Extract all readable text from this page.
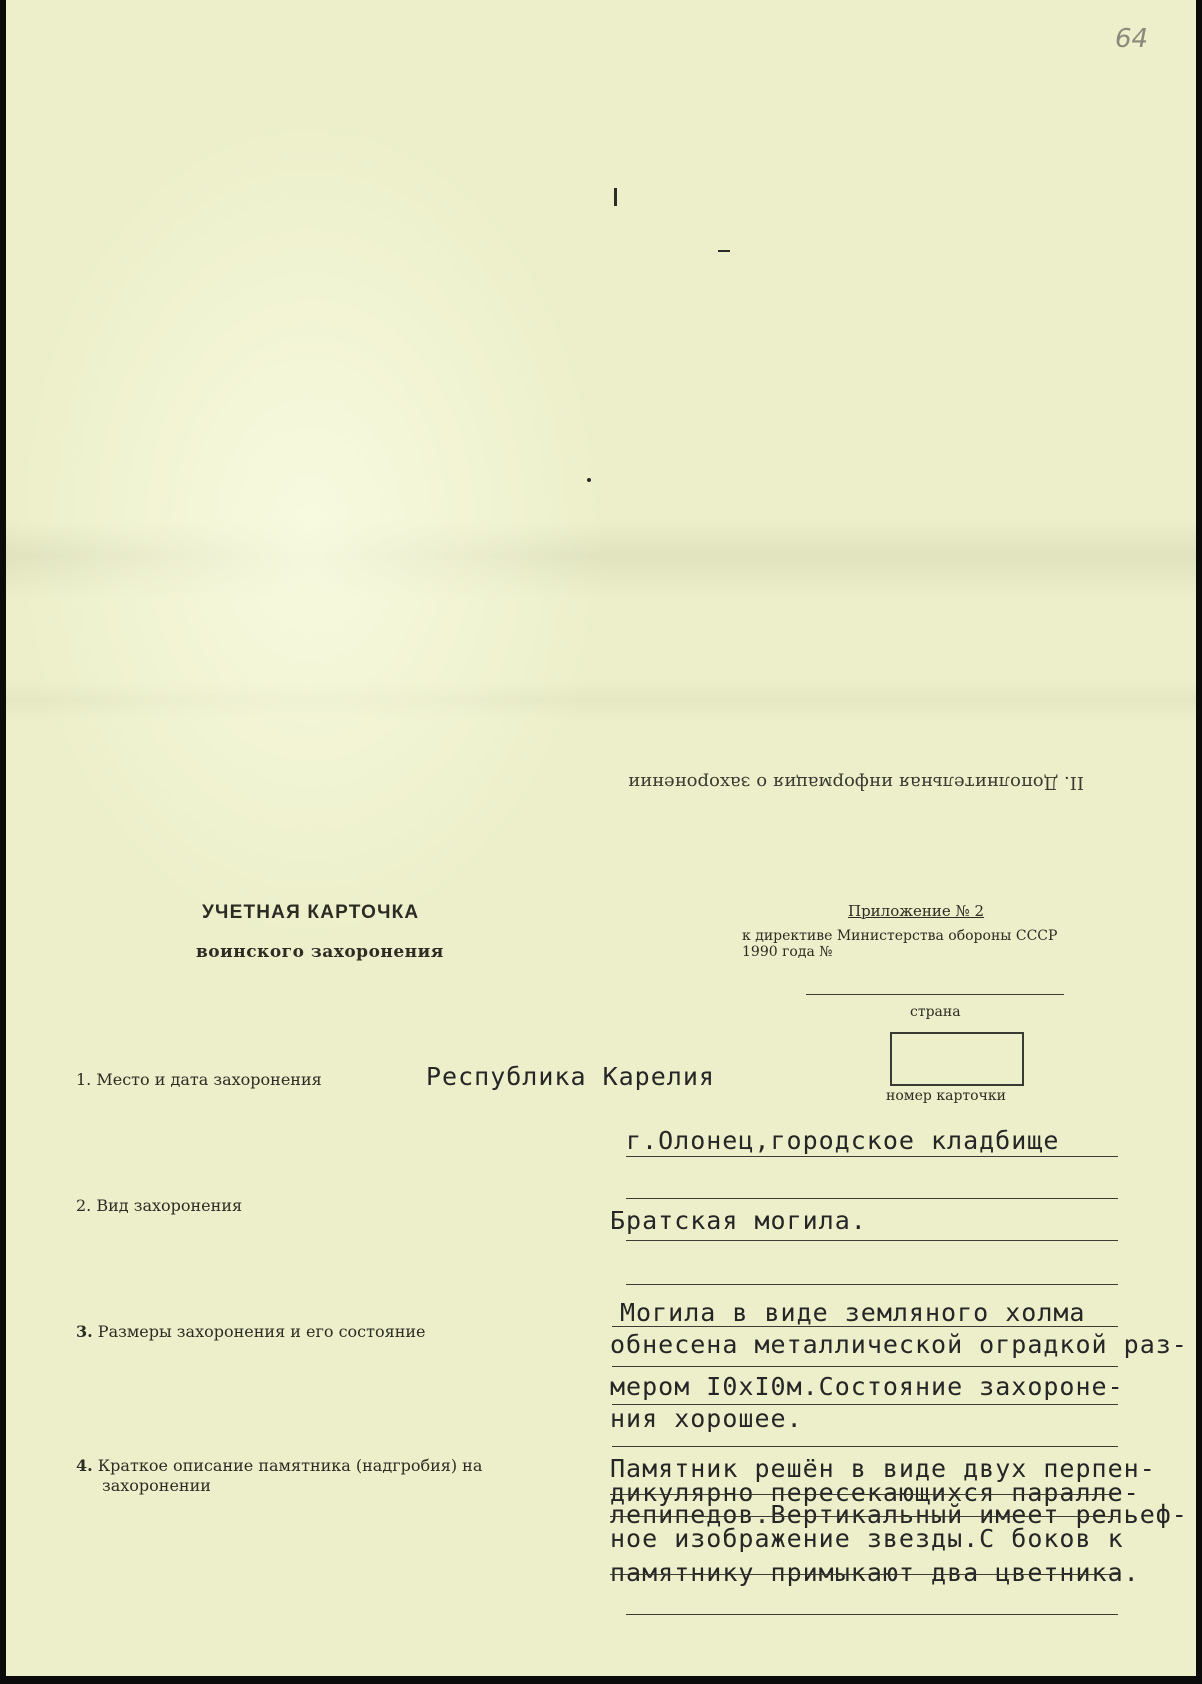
64
II. Дополнительная информация о захоронении
УЧЕТНАЯ КАРТОЧКА
воинского захоронения
Приложение № 2
к директиве Министерства обороны СССР
1990 года №
страна
номер карточки
1. Место и дата захоронения	Республика Карелия
г.Олонец,городское кладбище
2. Вид захоронения
Братская могила.
3. Размеры захоронения и его состояние
Могила в виде земляного холма
обнесена металлической оградкой раз-
мером I0xI0м.Состояние захороне-
ния хорошее.
4. Краткое описание памятника (надгробия) на
захоронении
Памятник решён в виде двух перпен-
дикулярно пересекающихся паралле-
лепипедов.Вертикальный имеет рельеф-
ное изображение звезды.С боков к
памятнику примыкают два цветника.
